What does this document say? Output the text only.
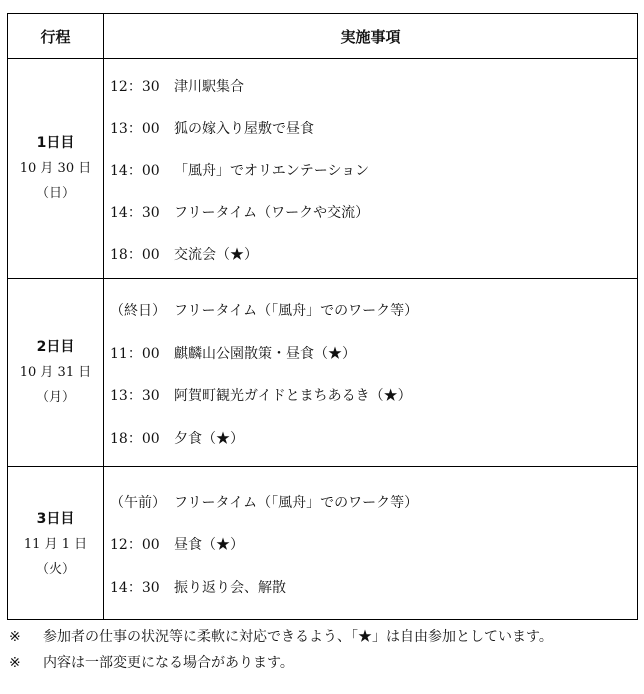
行程	実施事項
1日目
10 月 30 日
（日）
12：30 津川駅集合
13：00 狐の嫁入り屋敷で昼食
14：00 「風舟」でオリエンテーション
14：30 フリータイム（ワークや交流）
18：00 交流会（★）
2日目
10 月 31 日
（月）
（終日） フリータイム（「風舟」でのワーク等）
11：00 麒麟山公園散策・昼食（★）
13：30 阿賀町観光ガイドとまちあるき（★）
18：00 夕食（★）
3日目
11 月 1 日
（火）
（午前） フリータイム（「風舟」でのワーク等）
12：00 昼食（★）
14：30 振り返り会、解散
※ 参加者の仕事の状況等に柔軟に対応できるよう、「★」は自由参加としています。
※ 内容は一部変更になる場合があります。
